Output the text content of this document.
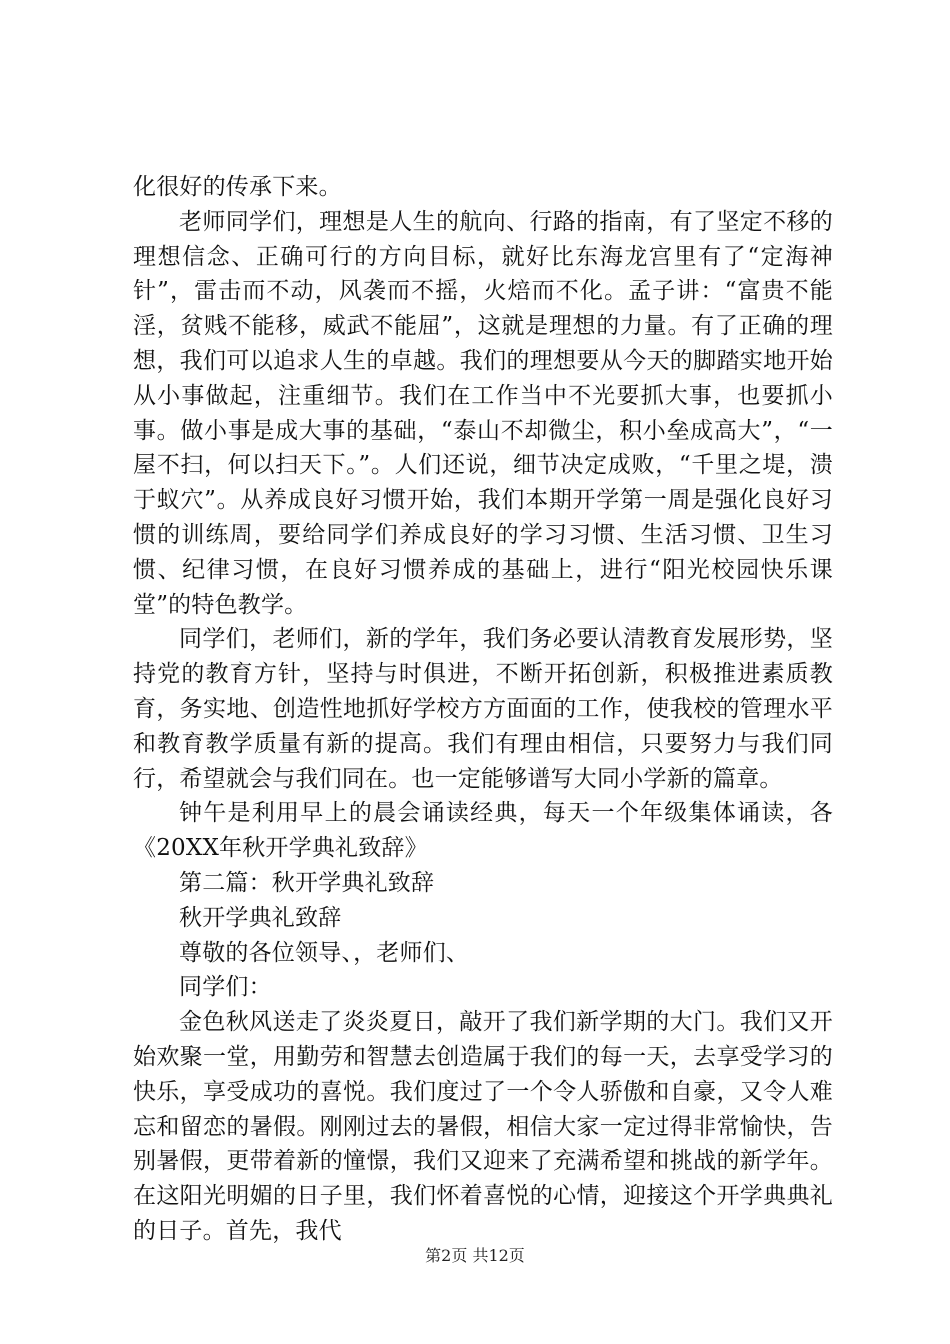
化很好的传承下来。

老师同学们，理想是人生的航向、行路的指南，有了坚定不移的理想信念、正确可行的方向目标，就好比东海龙宫里有了“定海神针”，雷击而不动，风袭而不摇，火焙而不化。孟子讲：“富贵不能淫，贫贱不能移，威武不能屈”，这就是理想的力量。有了正确的理想，我们可以追求人生的卓越。我们的理想要从今天的脚踏实地开始从小事做起，注重细节。我们在工作当中不光要抓大事，也要抓小事。做小事是成大事的基础，“泰山不却微尘，积小垒成高大”，“一屋不扫，何以扫天下。”。人们还说，细节决定成败，“千里之堤，溃于蚁穴”。从养成良好习惯开始，我们本期开学第一周是强化良好习惯的训练周，要给同学们养成良好的学习习惯、生活习惯、卫生习惯、纪律习惯，在良好习惯养成的基础上，进行“阳光校园快乐课堂”的特色教学。

同学们，老师们，新的学年，我们务必要认清教育发展形势，坚持党的教育方针，坚持与时俱进，不断开拓创新，积极推进素质教育，务实地、创造性地抓好学校方方面面的工作，使我校的管理水平和教育教学质量有新的提高。我们有理由相信，只要努力与我们同行，希望就会与我们同在。也一定能够谱写大同小学新的篇章。

钟午是利用早上的晨会诵读经典，每天一个年级集体诵读，各《20XX年秋开学典礼致辞》

第二篇：秋开学典礼致辞

秋开学典礼致辞

尊敬的各位领导、，老师们、

同学们：

金色秋风送走了炎炎夏日，敲开了我们新学期的大门。我们又开始欢聚一堂，用勤劳和智慧去创造属于我们的每一天，去享受学习的快乐，享受成功的喜悦。我们度过了一个令人骄傲和自豪，又令人难忘和留恋的暑假。刚刚过去的暑假，相信大家一定过得非常愉快，告别暑假，更带着新的憧憬，我们又迎来了充满希望和挑战的新学年。在这阳光明媚的日子里，我们怀着喜悦的心情，迎接这个开学典典礼的日子。首先，我代

第2页 共12页
